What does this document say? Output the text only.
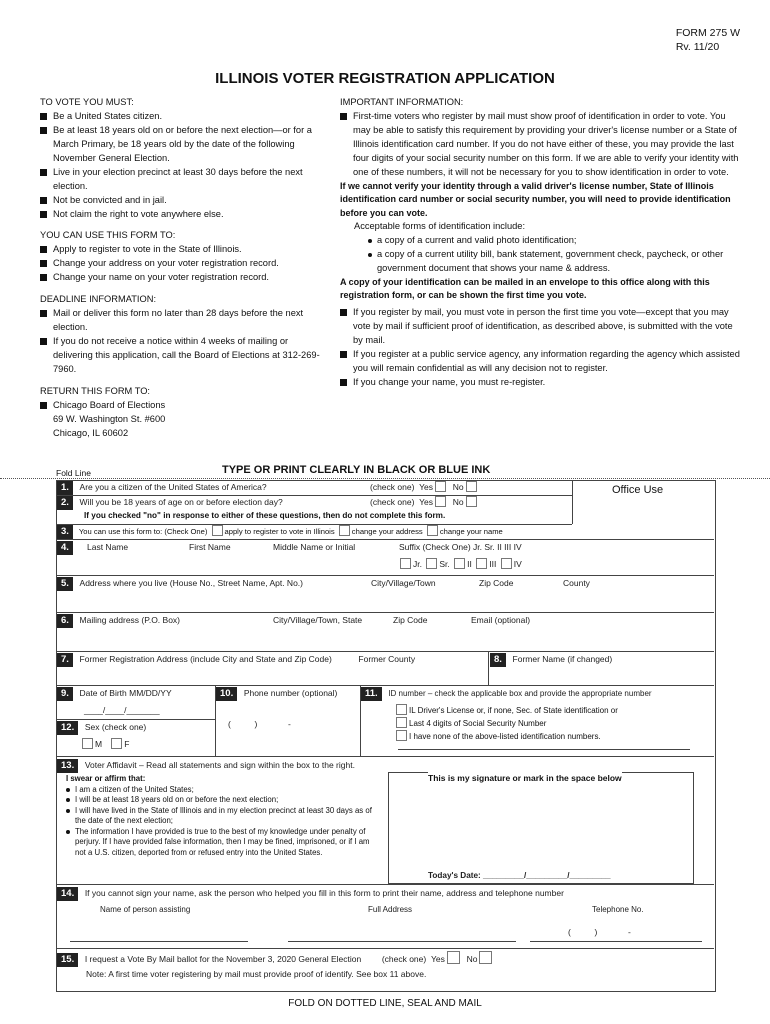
FORM 275 W
Rv. 11/20
ILLINOIS VOTER REGISTRATION APPLICATION
TO VOTE YOU MUST:
Be a United States citizen.
Be at least 18 years old on or before the next election—or for a March Primary, be 18 years old by the date of the following November General Election.
Live in your election precinct at least 30 days before the next election.
Not be convicted and in jail.
Not claim the right to vote anywhere else.
YOU CAN USE THIS FORM TO:
Apply to register to vote in the State of Illinois.
Change your address on your voter registration record.
Change your name on your voter registration record.
DEADLINE INFORMATION:
Mail or deliver this form no later than 28 days before the next election.
If you do not receive a notice within 4 weeks of mailing or delivering this application, call the Board of Elections at 312-269-7960.
RETURN THIS FORM TO:
Chicago Board of Elections
69 W. Washington St. #600
Chicago, IL 60602
IMPORTANT INFORMATION:
First-time voters who register by mail must show proof of identification in order to vote. You may be able to satisfy this requirement by providing your driver's license number or a State of Illinois identification card number. If you do not have either of these, you may provide the last four digits of your social security number on this form. If we are able to verify your identity with one of these numbers, it will not be necessary for you to show identification in order to vote.
If we cannot verify your identity through a valid driver's license number, State of Illinois identification card number or social security number, you will need to provide identification before you can vote.
Acceptable forms of identification include:
a copy of a current and valid photo identification;
a copy of a current utility bill, bank statement, government check, paycheck, or other government document that shows your name & address.
A copy of your identification can be mailed in an envelope to this office along with this registration form, or can be shown the first time you vote.
If you register by mail, you must vote in person the first time you vote—except that you may vote by mail if sufficient proof of identification, as described above, is submitted with the vote by mail.
If you register at a public service agency, any information regarding the agency which assisted you will remain confidential as will any decision not to register.
If you change your name, you must re-register.
Fold Line	TYPE OR PRINT CLEARLY IN BLACK OR BLUE INK
Office Use
1. Are you a citizen of the United States of America?	(check one) Yes No
2. Will you be 18 years of age on or before election day?	(check one) Yes No
If you checked "no" in response to either of these questions, then do not complete this form.
3. You can use this form to: (Check One) apply to register to vote in Illinois change your address change your name
4. Last Name	First Name	Middle Name or Initial	Suffix (Check One) Jr. Sr. II III IV
Jr. Sr. II III IV
5. Address where you live (House No., Street Name, Apt. No.)	City/Village/Town	Zip Code	County
6. Mailing address (P.O. Box)	City/Village/Town, State	Zip Code	Email (optional)
7. Former Registration Address (include City and State and Zip Code)	Former County	8. Former Name (if changed)
9. Date of Birth MM/DD/YY
____/____/_______
12. Sex (check one)
M	F
10. Phone number (optional)
(          )             -
11. ID number – check the applicable box and provide the appropriate number
IL Driver's License or, if none, Sec. of State identification or
Last 4 digits of Social Security Number
I have none of the above-listed identification numbers.
13. Voter Affidavit – Read all statements and sign within the box to the right.
I swear or affirm that:
I am a citizen of the United States;
I will be at least 18 years old on or before the next election;
I will have lived in the State of Illinois and in my election precinct at least 30 days as of the date of the next election;
The information I have provided is true to the best of my knowledge under penalty of perjury. If I have provided false information, then I may be fined, imprisoned, or if I am not a U.S. citizen, deported from or refused entry into the United States.
This is my signature or mark in the space below
Today's Date: _________/_________/_________
14. If you cannot sign your name, ask the person who helped you fill in this form to print their name, address and telephone number
Name of person assisting	Full Address	Telephone No.
(          )             -
15. I request a Vote By Mail ballot for the November 3, 2020 General Election (check one) Yes	No
Note: A first time voter registering by mail must provide proof of identify. See box 11 above.
FOLD ON DOTTED LINE, SEAL AND MAIL
